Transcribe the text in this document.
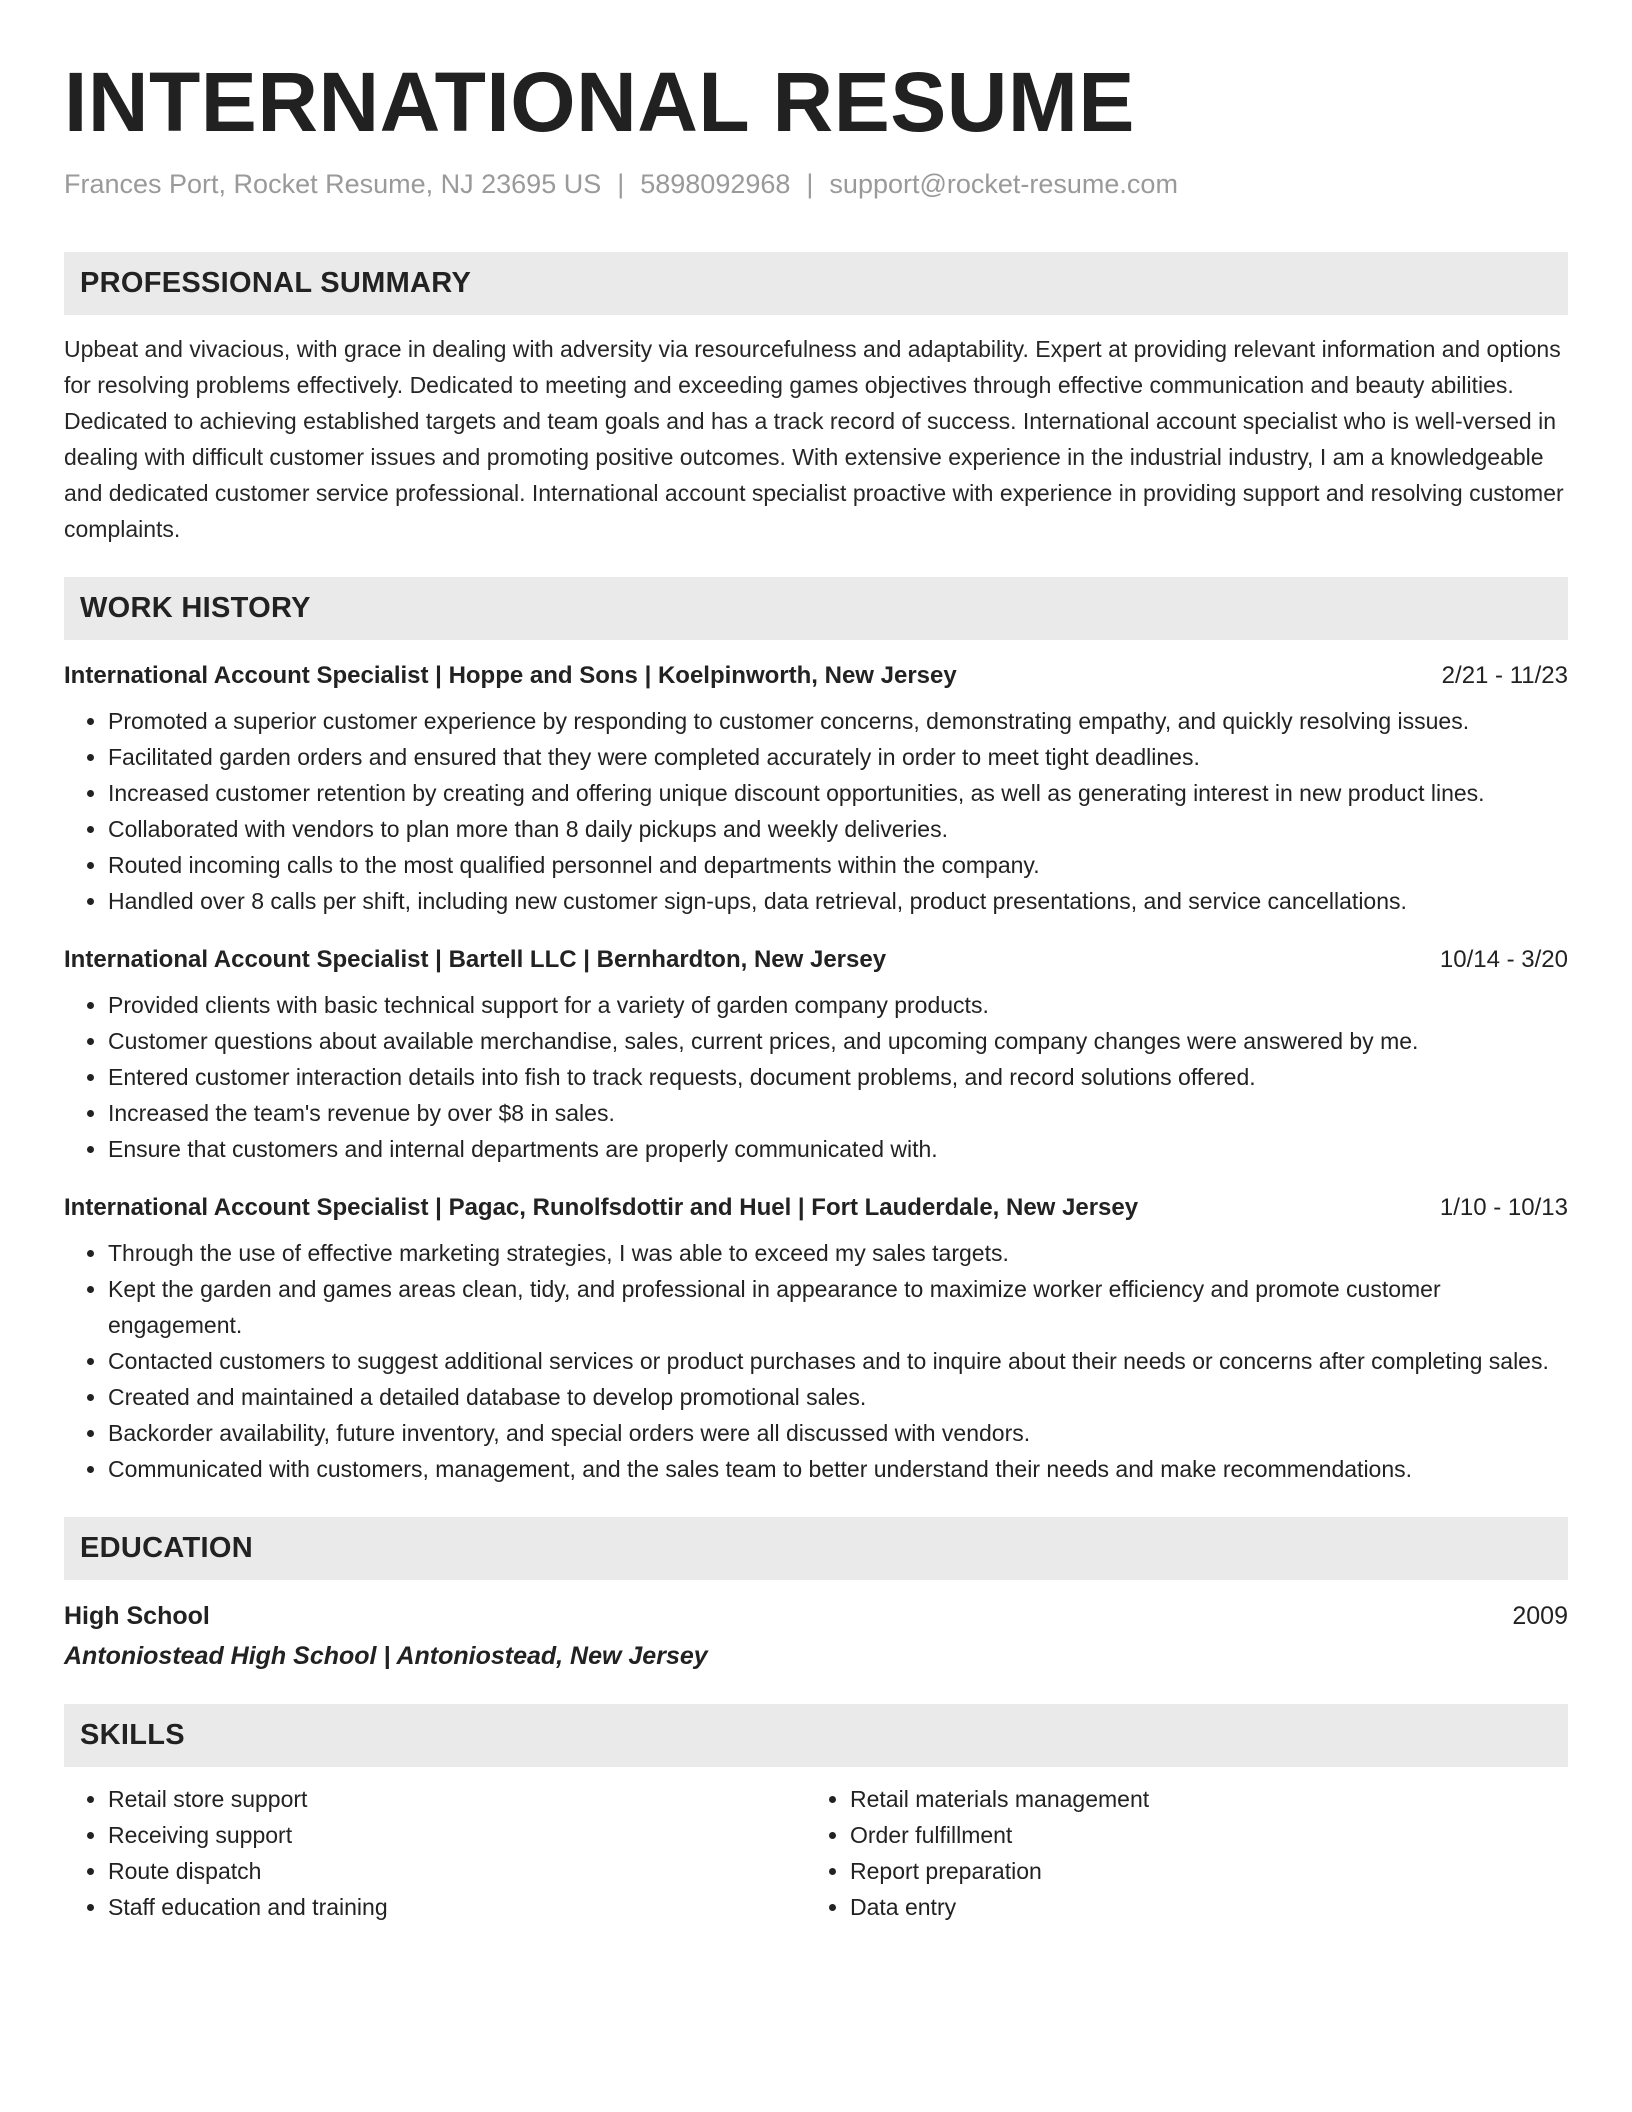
INTERNATIONAL RESUME
Frances Port, Rocket Resume, NJ 23695 US | 5898092968 | support@rocket-resume.com
PROFESSIONAL SUMMARY
Upbeat and vivacious, with grace in dealing with adversity via resourcefulness and adaptability. Expert at providing relevant information and options for resolving problems effectively. Dedicated to meeting and exceeding games objectives through effective communication and beauty abilities. Dedicated to achieving established targets and team goals and has a track record of success. International account specialist who is well-versed in dealing with difficult customer issues and promoting positive outcomes. With extensive experience in the industrial industry, I am a knowledgeable and dedicated customer service professional. International account specialist proactive with experience in providing support and resolving customer complaints.
WORK HISTORY
International Account Specialist | Hoppe and Sons | Koelpinworth, New Jersey	2/21 - 11/23
• Promoted a superior customer experience by responding to customer concerns, demonstrating empathy, and quickly resolving issues.
• Facilitated garden orders and ensured that they were completed accurately in order to meet tight deadlines.
• Increased customer retention by creating and offering unique discount opportunities, as well as generating interest in new product lines.
• Collaborated with vendors to plan more than 8 daily pickups and weekly deliveries.
• Routed incoming calls to the most qualified personnel and departments within the company.
• Handled over 8 calls per shift, including new customer sign-ups, data retrieval, product presentations, and service cancellations.
International Account Specialist | Bartell LLC | Bernhardton, New Jersey	10/14 - 3/20
• Provided clients with basic technical support for a variety of garden company products.
• Customer questions about available merchandise, sales, current prices, and upcoming company changes were answered by me.
• Entered customer interaction details into fish to track requests, document problems, and record solutions offered.
• Increased the team's revenue by over $8 in sales.
• Ensure that customers and internal departments are properly communicated with.
International Account Specialist | Pagac, Runolfsdottir and Huel | Fort Lauderdale, New Jersey	1/10 - 10/13
• Through the use of effective marketing strategies, I was able to exceed my sales targets.
• Kept the garden and games areas clean, tidy, and professional in appearance to maximize worker efficiency and promote customer engagement.
• Contacted customers to suggest additional services or product purchases and to inquire about their needs or concerns after completing sales.
• Created and maintained a detailed database to develop promotional sales.
• Backorder availability, future inventory, and special orders were all discussed with vendors.
• Communicated with customers, management, and the sales team to better understand their needs and make recommendations.
EDUCATION
High School	2009
Antoniostead High School | Antoniostead, New Jersey
SKILLS
• Retail store support
• Receiving support
• Route dispatch
• Staff education and training
• Retail materials management
• Order fulfillment
• Report preparation
• Data entry
